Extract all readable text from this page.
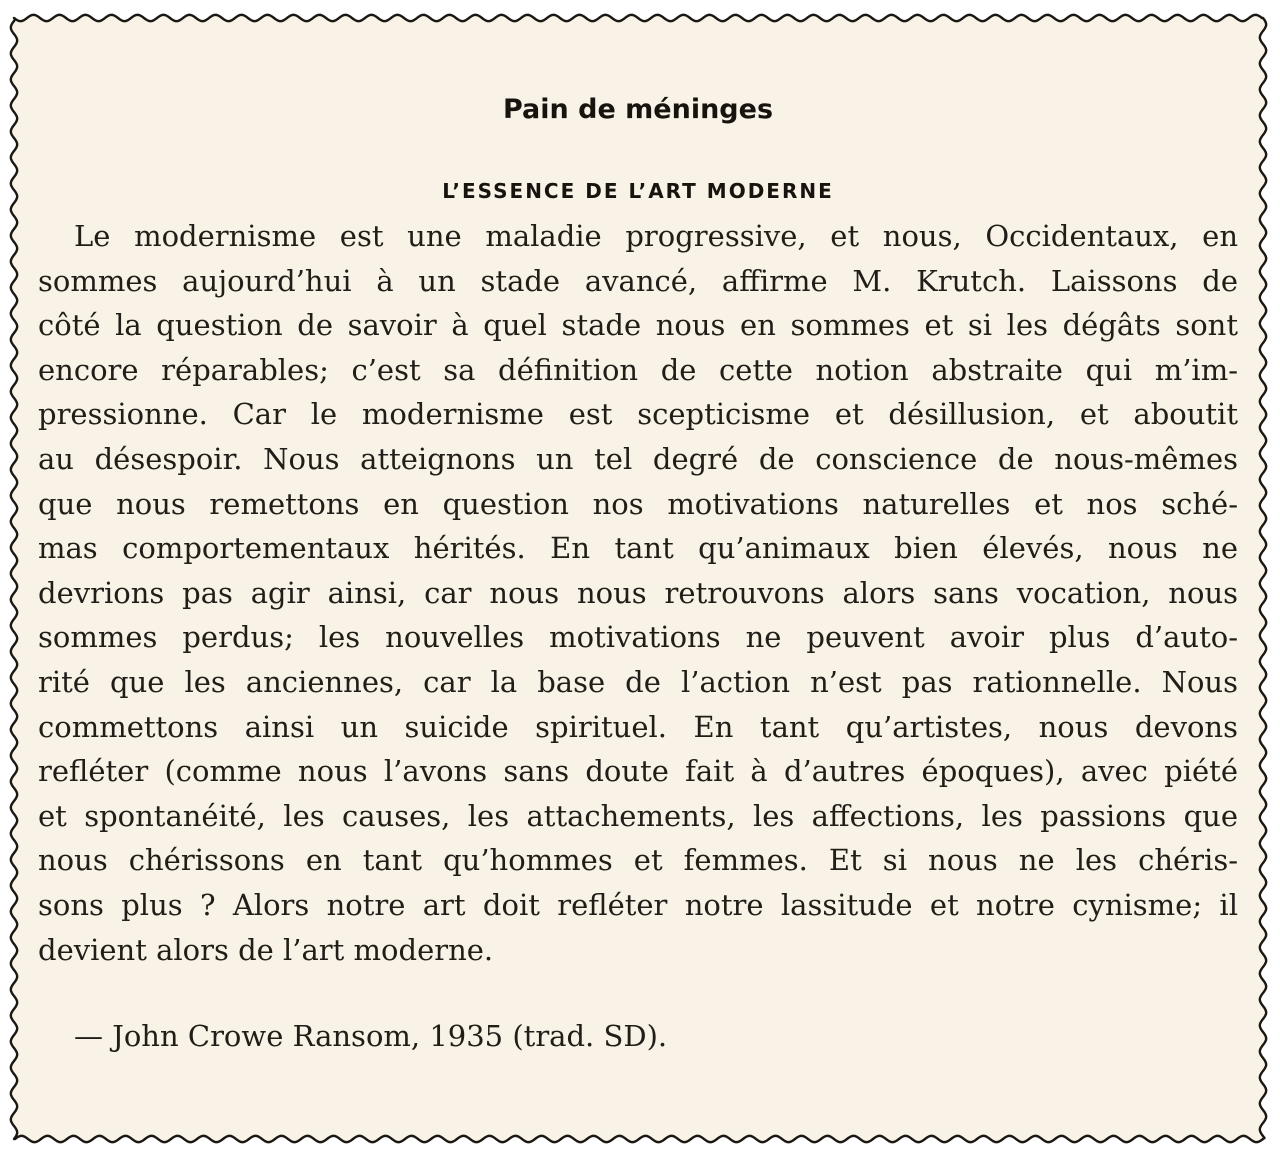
Pain de méninges
L’ESSENCE DE L’ART MODERNE
Le modernisme est une maladie progressive, et nous, Occidentaux, en
sommes aujourd’hui à un stade avancé, affirme M. Krutch. Laissons de
côté la question de savoir à quel stade nous en sommes et si les dégâts sont
encore réparables; c’est sa définition de cette notion abstraite qui m’im-
pressionne. Car le modernisme est scepticisme et désillusion, et aboutit
au désespoir. Nous atteignons un tel degré de conscience de nous-mêmes
que nous remettons en question nos motivations naturelles et nos sché-
mas comportementaux hérités. En tant qu’animaux bien élevés, nous ne
devrions pas agir ainsi, car nous nous retrouvons alors sans vocation, nous
sommes perdus; les nouvelles motivations ne peuvent avoir plus d’auto-
rité que les anciennes, car la base de l’action n’est pas rationnelle. Nous
commettons ainsi un suicide spirituel. En tant qu’artistes, nous devons
refléter (comme nous l’avons sans doute fait à d’autres époques), avec piété
et spontanéité, les causes, les attachements, les affections, les passions que
nous chérissons en tant qu’hommes et femmes. Et si nous ne les chéris-
sons plus ? Alors notre art doit refléter notre lassitude et notre cynisme; il
devient alors de l’art moderne.
— John Crowe Ransom, 1935 (trad. SD).
